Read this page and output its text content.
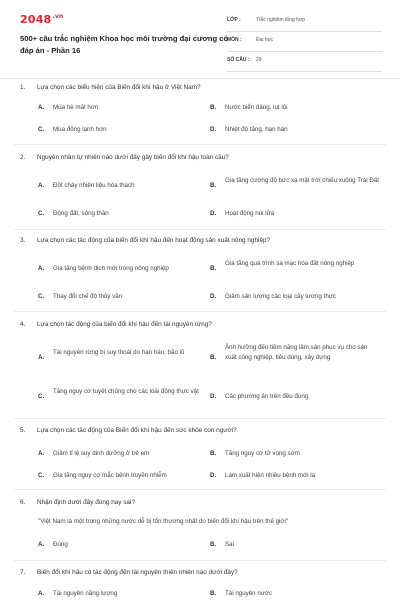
$2048^{.vn}$
500+ câu trắc nghiệm Khoa học môi trường đại cương có đáp án - Phần 16
LỚP :	Trắc nghiệm tổng hợp
MÔN :	Đại học
SỐ CÂU : 29
1. Lựa chọn các biểu hiện của Biến đổi khí hậu ở Việt Nam?
A. Mùa hè mát hơn	B. Nước biển dâng, lụt lội
C. Mùa đông lạnh hơn	D. Nhiệt độ tăng, hạn hán
2. Nguyên nhân tự nhiên nào dưới đây gây biến đổi khí hậu toàn cầu?
A. Đốt cháy nhiên liệu hóa thạch	B.
Gia tăng cường độ bức xạ mặt trời chiếu xuống Trái Đất
C. Động đất, sóng thần	D. Hoạt động núi lửa
3. Lựa chọn các tác động của biến đổi khí hậu đến hoạt động sản xuất nông nghiệp?
A. Gia tăng bệnh dịch mới trong nông nghiệp	B.
Gia tăng quá trình sa mạc hóa đất nông nghiệp
C. Thay đổi chế độ thủy văn	D. Giảm sản lượng các loại cây lương thực
4. Lựa chọn tác động của biến đổi khí hậu đến tài nguyên rừng?
A.
Tài nguyên rừng bị suy thoái do hạn hán, bão lũ
B.
Ảnh hưởng đến tiềm năng lâm sản phục vụ cho sản xuất công nghiệp, tiêu dùng, xây dựng
C.
Tăng nguy cơ tuyệt chủng cho các loài động thực vật
D. Các phương án trên đều đúng
5. Lựa chọn các tác động của Biến đổi khí hậu đến sức khỏe con người?
A. Giảm tỉ lệ suy dinh dưỡng ở trẻ em	B. Tăng nguy cơ tử vong sớm
C. Gia tăng nguy cơ mắc bệnh truyền nhiễm	D. Làm xuất hiện nhiều bệnh mới lạ
6. Nhận định dưới đây đúng hay sai?
"Việt Nam là một trong những nước dễ bị tổn thương nhất do biến đổi khí hậu trên thế giới"
A. Đúng	B. Sai
7. Biến đổi khí hậu có tác động đến tài nguyên thiên nhiên nào dưới đây?
A. Tài nguyên năng lượng	B. Tài nguyên nước
